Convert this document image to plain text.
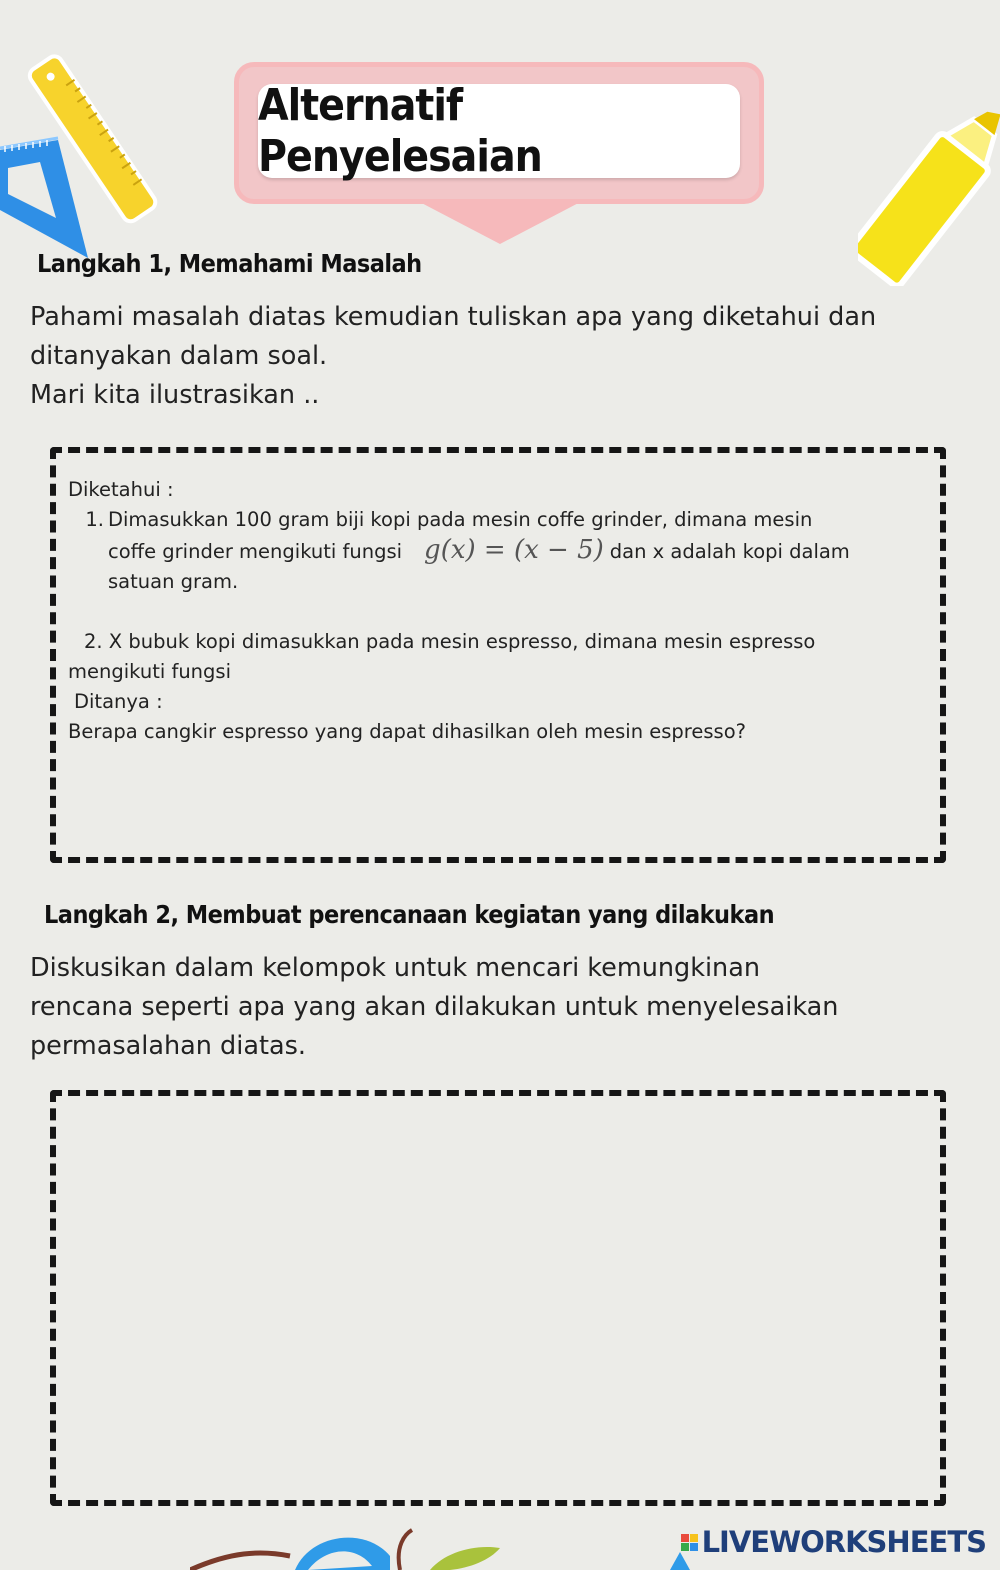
Alternatif Penyelesaian
Langkah 1, Memahami Masalah
Pahami masalah diatas kemudian tuliskan apa yang diketahui dan
ditanyakan dalam soal.
Mari kita ilustrasikan ..
Diketahui :
1. Dimasukkan 100 gram biji kopi pada mesin coffe grinder, dimana mesin
coffe grinder mengikuti fungsi g(x) = (x − 5) dan x adalah kopi dalam
satuan gram.
2. X bubuk kopi dimasukkan pada mesin espresso, dimana mesin espresso
mengikuti fungsi
Ditanya :
Berapa cangkir espresso yang dapat dihasilkan oleh mesin espresso?
Langkah 2, Membuat perencanaan kegiatan yang dilakukan
Diskusikan dalam kelompok untuk mencari kemungkinan
rencana seperti apa yang akan dilakukan untuk menyelesaikan
permasalahan diatas.
LIVEWORKSHEETS
